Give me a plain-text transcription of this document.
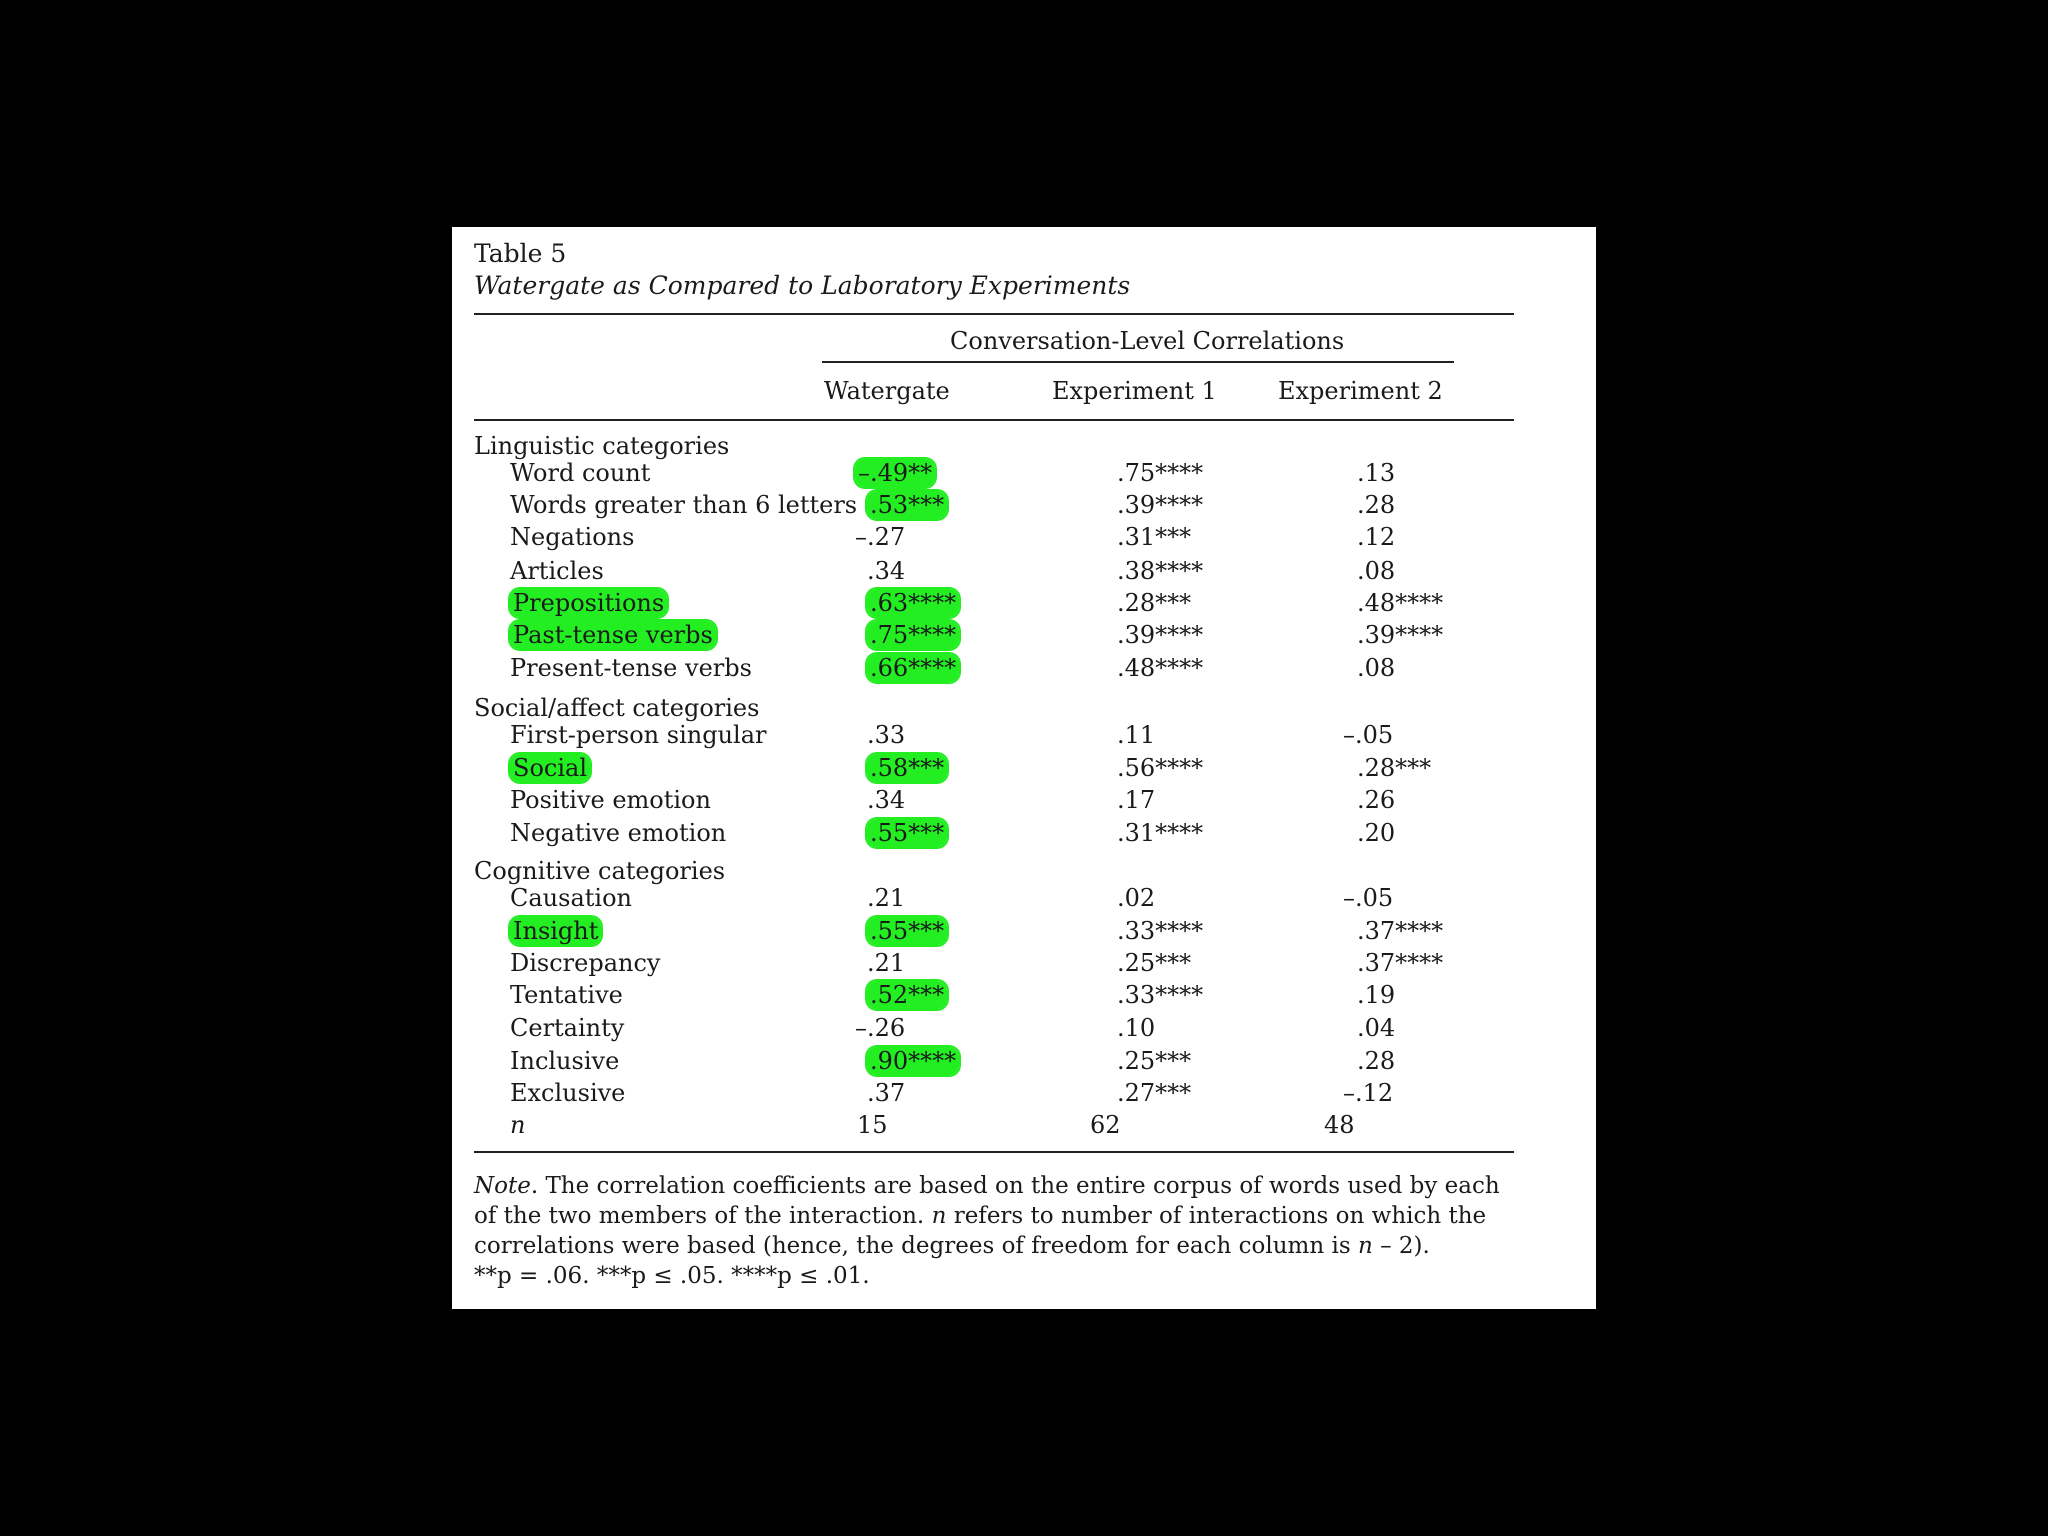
Table 5
Watergate as Compared to Laboratory Experiments
Conversation-Level Correlations
Watergate	Experiment 1	Experiment 2
Linguistic categories
Social/affect categories
Cognitive categories
Word count	–.49**	.75****	.13
Words greater than 6 letters .53***	.39****	.28
Negations	–.27	.31***	.12
Articles	.34	.38****	.08
Prepositions	.63****	.28***	.48****
Past-tense verbs	.75****	.39****	.39****
Present-tense verbs	.66****	.48****	.08
First-person singular	.33	.11	–.05
Social	.58***	.56****	.28***
Positive emotion	.34	.17	.26
Negative emotion	.55***	.31****	.20
Causation	.21	.02	–.05
Insight	.55***	.33****	.37****
Discrepancy	.21	.25***	.37****
Tentative	.52***	.33****	.19
Certainty	–.26	.10	.04
Inclusive	.90****	.25***	.28
Exclusive	.37	.27***	–.12
n	15	62	48

Note. The correlation coefficients are based on the entire corpus of words used by each of the two members of the interaction. n refers to number of interactions on which the correlations were based (hence, the degrees of freedom for each column is n – 2).

**p = .06. ***p ≤ .05. ****p ≤ .01.
